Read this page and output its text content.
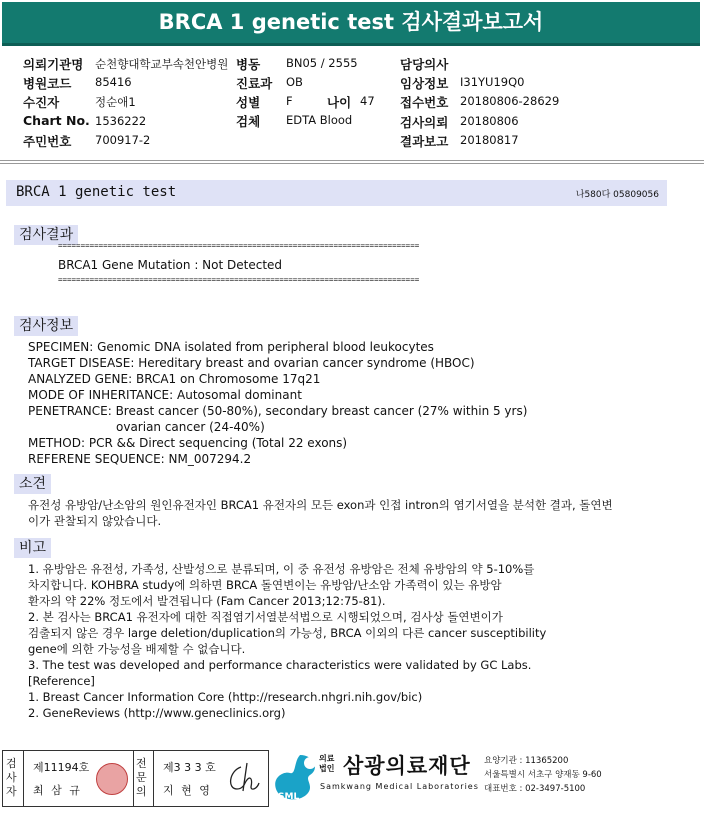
BRCA 1 genetic test 검사결과보고서
의뢰기관명 순천향대학교부속천안병원 병동 BN05 / 2555	담당의사
병원코드 85416	진료과 OB	임상정보 I31YU19Q0
수진자	정순애1	성별 F	나이 47 접수번호 20180806-28629
Chart No. 1536222	검체 EDTA Blood	검사의뢰 20180806
주민번호 700917-2	결과보고 20180817
BRCA 1 genetic test	나580다 05809056
검사결과
================================================================================
BRCA1 Gene Mutation : Not Detected
================================================================================
검사정보
SPECIMEN: Genomic DNA isolated from peripheral blood leukocytes
TARGET DISEASE: Hereditary breast and ovarian cancer syndrome (HBOC)
ANALYZED GENE: BRCA1 on Chromosome 17q21
MODE OF INHERITANCE: Autosomal dominant
PENETRANCE: Breast cancer (50-80%), secondary breast cancer (27% within 5 yrs)
ovarian cancer (24-40%)
METHOD: PCR && Direct sequencing (Total 22 exons)
REFERENE SEQUENCE: NM_007294.2
소견
유전성 유방암/난소암의 원인유전자인 BRCA1 유전자의 모든 exon과 인접 intron의 염기서열을 분석한 결과, 돌연변
이가 관찰되지 않았습니다.
비고
1. 유방암은 유전성, 가족성, 산발성으로 분류되며, 이 중 유전성 유방암은 전체 유방암의 약 5-10%를
차지합니다. KOHBRA study에 의하면 BRCA 돌연변이는 유방암/난소암 가족력이 있는 유방암
환자의 약 22% 정도에서 발견됩니다 (Fam Cancer 2013;12:75-81).
2. 본 검사는 BRCA1 유전자에 대한 직접염기서열분석법으로 시행되었으며, 검사상 돌연변이가
검출되지 않은 경우 large deletion/duplication의 가능성, BRCA 이외의 다른 cancer susceptibility
gene에 의한 가능성을 배제할 수 없습니다.
3. The test was developed and performance characteristics were validated by GC Labs.
[Reference]
1. Breast Cancer Information Core (http://research.nhgri.nih.gov/bic)
2. GeneReviews (http://www.geneclinics.org)
검사자
제11194호
최 삼 규
전문의
제3 3 3 호
지 현 영	SML
의료
법인 삼광의료재단
Samkwang Medical Laboratories
요양기관 : 11365200
서울특별시 서초구 양재동 9-60
대표번호 : 02-3497-5100
